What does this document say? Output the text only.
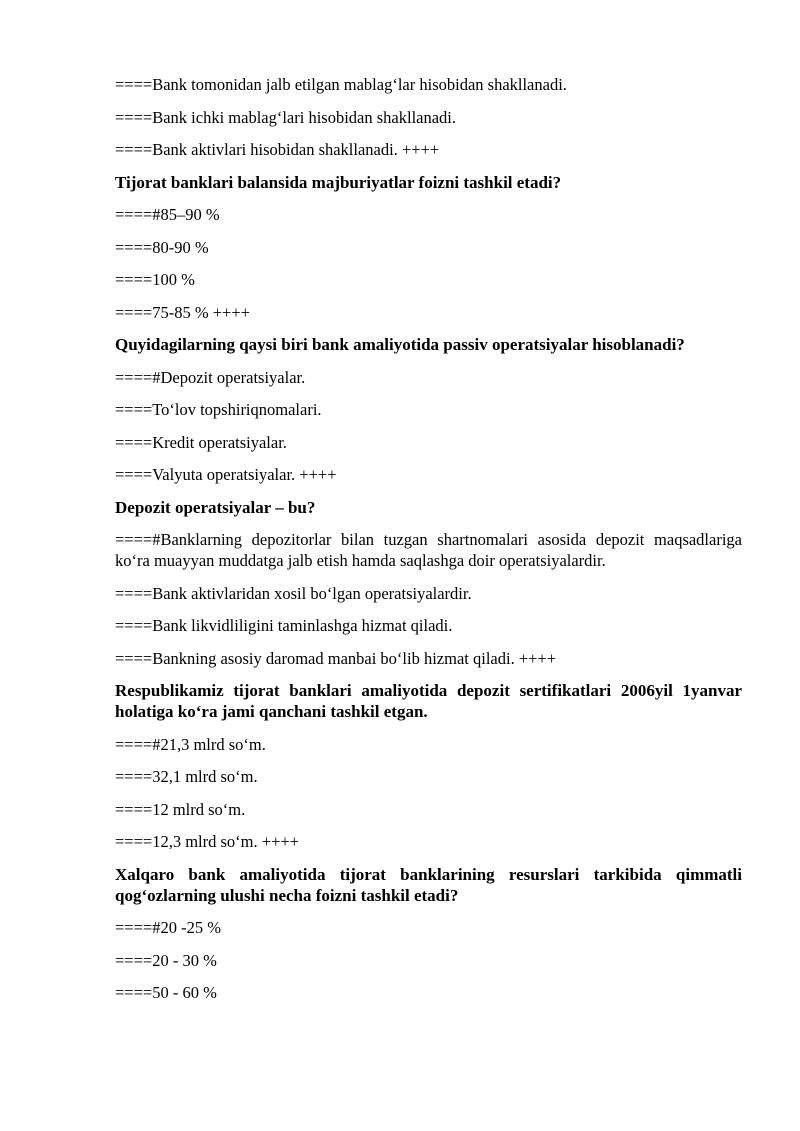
====Bank tomonidan jalb etilgan mablag‘lar hisobidan shakllanadi.

====Bank ichki mablag‘lari hisobidan shakllanadi.

====Bank aktivlari hisobidan shakllanadi. ++++

Tijorat banklari balansida majburiyatlar foizni tashkil etadi?

====#85–90 %

====80-90 %

====100 %

====75-85 % ++++

Quyidagilarning qaysi biri bank amaliyotida passiv operatsiyalar hisoblanadi?

====#Depozit operatsiyalar.

====To‘lov topshiriqnomalari.

====Kredit operatsiyalar.

====Valyuta operatsiyalar. ++++

Depozit operatsiyalar – bu?

====#Banklarning depozitorlar bilan tuzgan shartnomalari asosida depozit maqsadlariga ko‘ra muayyan muddatga jalb etish hamda saqlashga doir operatsiyalardir.

====Bank aktivlaridan xosil bo‘lgan operatsiyalardir.

====Bank likvidliligini taminlashga hizmat qiladi.

====Bankning asosiy daromad manbai bo‘lib hizmat qiladi. ++++

Respublikamiz tijorat banklari amaliyotida depozit sertifikatlari 2006yil 1yanvar holatiga ko‘ra jami qanchani tashkil etgan.

====#21,3 mlrd so‘m.

====32,1 mlrd so‘m.

====12 mlrd so‘m.

====12,3 mlrd so‘m. ++++

Xalqaro bank amaliyotida tijorat banklarining resurslari tarkibida qimmatli qog‘ozlarning ulushi necha foizni tashkil etadi?

====#20 -25 %

====20 - 30 %

====50 - 60 %
